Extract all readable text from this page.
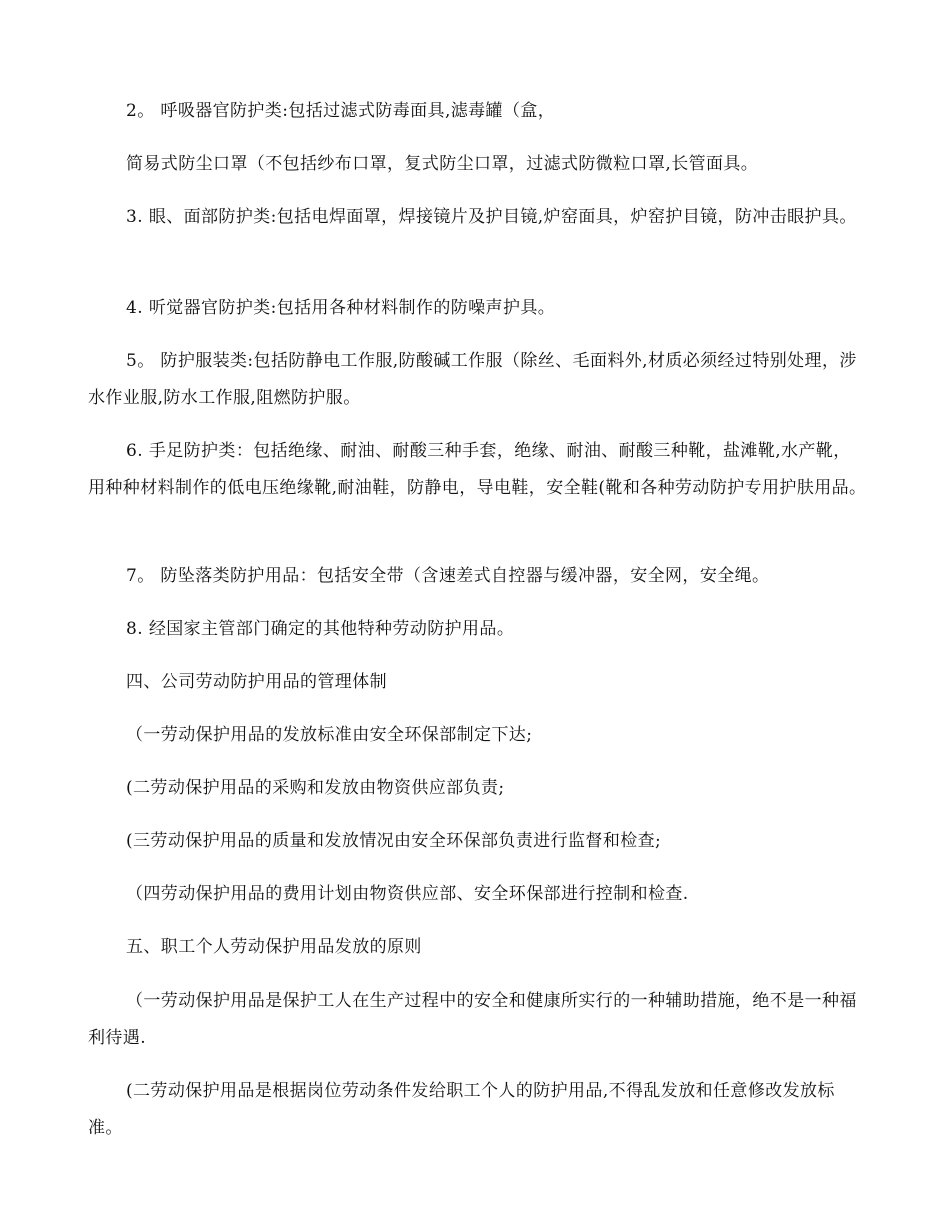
2。 呼吸器官防护类:包括过滤式防毒面具,滤毒罐（盒，

简易式防尘口罩（不包括纱布口罩，复式防尘口罩，过滤式防微粒口罩,长管面具。

3. 眼、面部防护类:包括电焊面罩，焊接镜片及护目镜,炉窑面具，炉窑护目镜，防冲击眼护具。

4. 听觉器官防护类:包括用各种材料制作的防噪声护具。

5。 防护服装类:包括防静电工作服,防酸碱工作服（除丝、毛面料外,材质必须经过特别处理，涉水作业服,防水工作服,阻燃防护服。

6. 手足防护类：包括绝缘、耐油、耐酸三种手套，绝缘、耐油、耐酸三种靴，盐滩靴,水产靴，用种种材料制作的低电压绝缘靴,耐油鞋，防静电，导电鞋，安全鞋(靴和各种劳动防护专用护肤用品。

7。 防坠落类防护用品：包括安全带（含速差式自控器与缓冲器，安全网，安全绳。

8. 经国家主管部门确定的其他特种劳动防护用品。

四、公司劳动防护用品的管理体制

（一劳动保护用品的发放标准由安全环保部制定下达;

(二劳动保护用品的采购和发放由物资供应部负责;

(三劳动保护用品的质量和发放情况由安全环保部负责进行监督和检查;

（四劳动保护用品的费用计划由物资供应部、安全环保部进行控制和检查.

五、职工个人劳动保护用品发放的原则

（一劳动保护用品是保护工人在生产过程中的安全和健康所实行的一种辅助措施，绝不是一种福利待遇.

(二劳动保护用品是根据岗位劳动条件发给职工个人的防护用品,不得乱发放和任意修改发放标准。
